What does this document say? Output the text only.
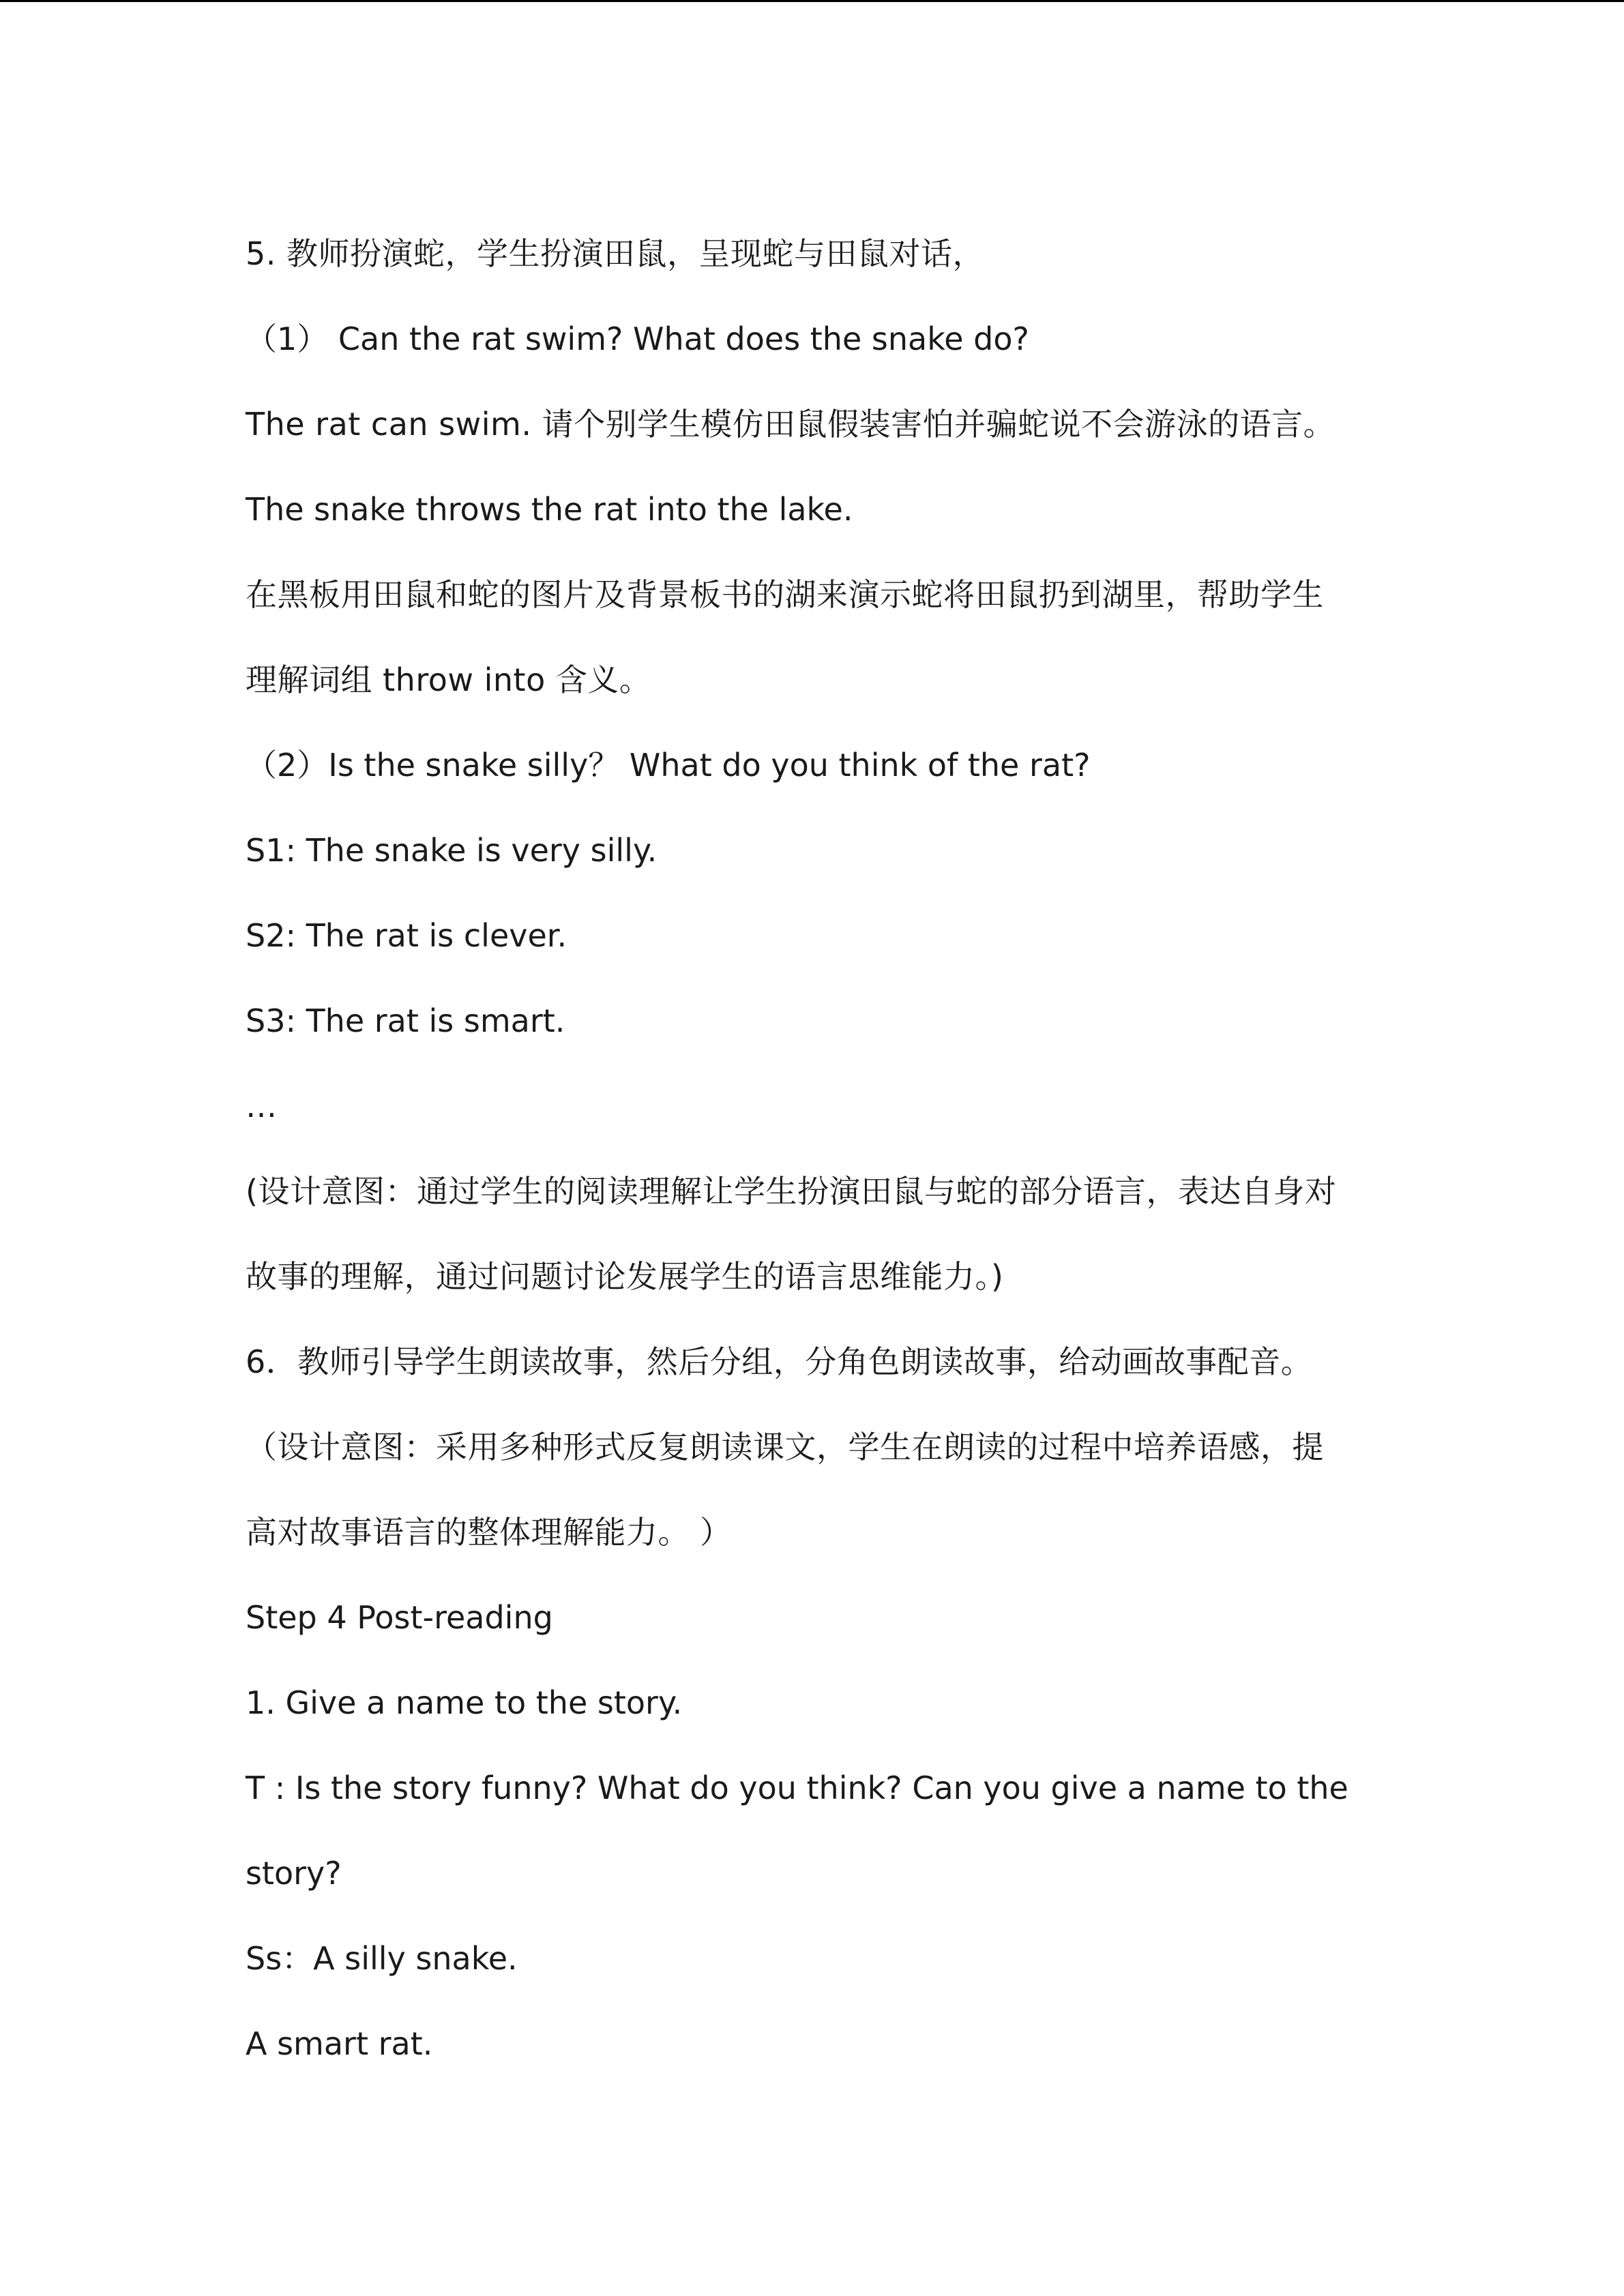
5. 教师扮演蛇，学生扮演田鼠，呈现蛇与田鼠对话，

（1） Can the rat swim? What does the snake do?

The rat can swim. 请个别学生模仿田鼠假装害怕并骗蛇说不会游泳的语言。

The snake throws the rat into the lake.

在黑板用田鼠和蛇的图片及背景板书的湖来演示蛇将田鼠扔到湖里，帮助学生

理解词组 throw into 含义。

（2）Is the snake silly？ What do you think of the rat?

S1: The snake is very silly.

S2: The rat is clever.

S3: The rat is smart.

…

(设计意图：通过学生的阅读理解让学生扮演田鼠与蛇的部分语言，表达自身对

故事的理解，通过问题讨论发展学生的语言思维能力。)

6．教师引导学生朗读故事，然后分组，分角色朗读故事，给动画故事配音。

（设计意图：采用多种形式反复朗读课文，学生在朗读的过程中培养语感，提

高对故事语言的整体理解能力。 ）

Step 4 Post-reading

1. Give a name to the story.

T : Is the story funny? What do you think? Can you give a name to the

story?

Ss：A silly snake.

A smart rat.
